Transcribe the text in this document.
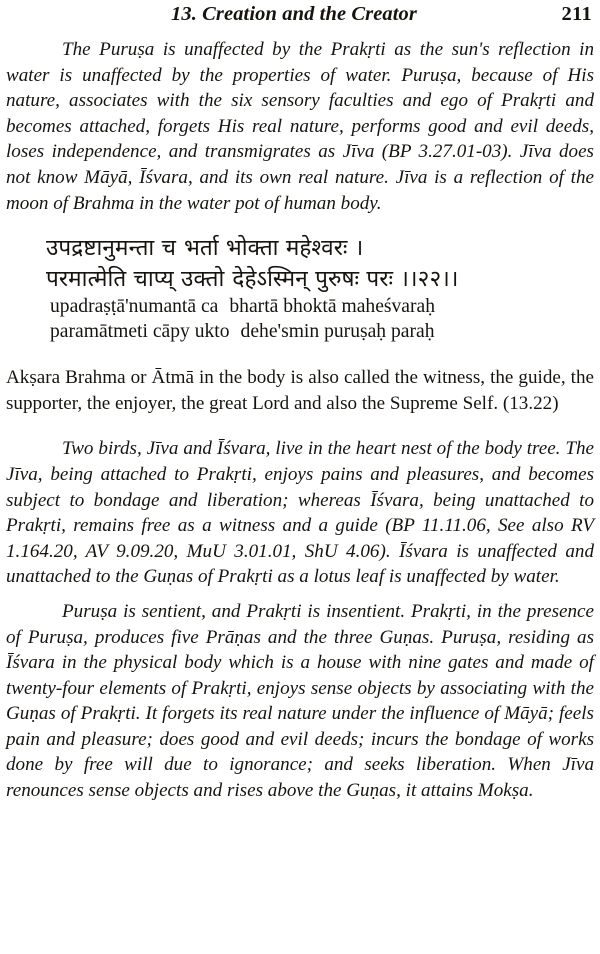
13. Creation and the Creator	211

The Puruṣa is unaffected by the Prakṛti as the sun's reflection in water is unaffected by the properties of water. Puruṣa, because of His nature, associates with the six sensory faculties and ego of Prakṛti and becomes attached, forgets His real nature, performs good and evil deeds, loses independence, and transmigrates as Jīva (BP 3.27.01-03). Jīva does not know Māyā, Īśvara, and its own real nature. Jīva is a reflection of the moon of Brahma in the water pot of human body.

उपद्रष्टानुमन्ता च भर्ता भोक्ता महेश्वरः ।
परमात्मेति चाप्य् उक्तो देहेऽस्मिन् पुरुषः परः ।।२२।।
upadraṣṭā'numantā ca bhartā bhoktā maheśvaraḥ
paramātmeti cāpy ukto dehe'smin puruṣaḥ paraḥ

Akṣara Brahma or Ātmā in the body is also called the witness, the guide, the supporter, the enjoyer, the great Lord and also the Supreme Self. (13.22)

Two birds, Jīva and Īśvara, live in the heart nest of the body tree. The Jīva, being attached to Prakṛti, enjoys pains and pleasures, and becomes subject to bondage and liberation; whereas Īśvara, being unattached to Prakṛti, remains free as a witness and a guide (BP 11.11.06, See also RV 1.164.20, AV 9.09.20, MuU 3.01.01, ShU 4.06). Īśvara is unaffected and unattached to the Guṇas of Prakṛti as a lotus leaf is unaffected by water.

Puruṣa is sentient, and Prakṛti is insentient. Prakṛti, in the presence of Puruṣa, produces five Prāṇas and the three Guṇas. Puruṣa, residing as Īśvara in the physical body which is a house with nine gates and made of twenty-four elements of Prakṛti, enjoys sense objects by associating with the Guṇas of Prakṛti. It forgets its real nature under the influence of Māyā; feels pain and pleasure; does good and evil deeds; incurs the bondage of works done by free will due to ignorance; and seeks liberation. When Jīva renounces sense objects and rises above the Guṇas, it attains Mokṣa.
